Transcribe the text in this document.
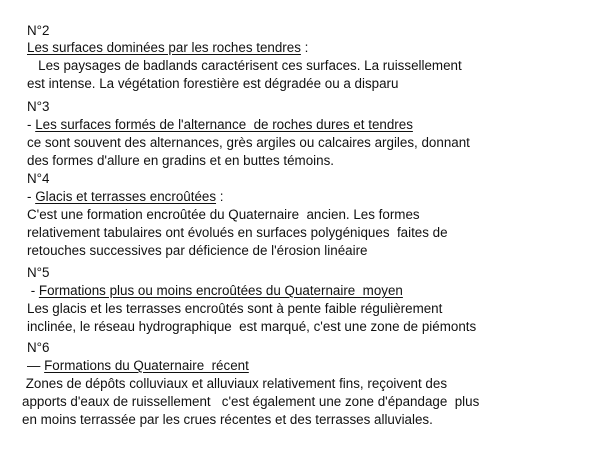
N°2
Les surfaces dominées par les roches tendres :
Les paysages de badlands caractérisent ces surfaces. La ruissellement
est intense. La végétation forestière est dégradée ou a disparu
N°3
- Les surfaces formés de l'alternance  de roches dures et tendres
ce sont souvent des alternances, grès argiles ou calcaires argiles, donnant
des formes d'allure en gradins et en buttes témoins.
N°4
- Glacis et terrasses encroûtées :
C'est une formation encroûtée du Quaternaire  ancien. Les formes
relativement tabulaires ont évolués en surfaces polygéniques  faites de
retouches successives par déficience de l'érosion linéaire
N°5
- Formations plus ou moins encroûtées du Quaternaire  moyen
Les glacis et les terrasses encroûtés sont à pente faible régulièrement
inclinée, le réseau hydrographique  est marqué, c'est une zone de piémonts
N°6
— Formations du Quaternaire  récent
Zones de dépôts colluviaux et alluviaux relativement fins, reçoivent des
apports d'eaux de ruissellement   c'est également une zone d'épandage  plus
en moins terrassée par les crues récentes et des terrasses alluviales.
